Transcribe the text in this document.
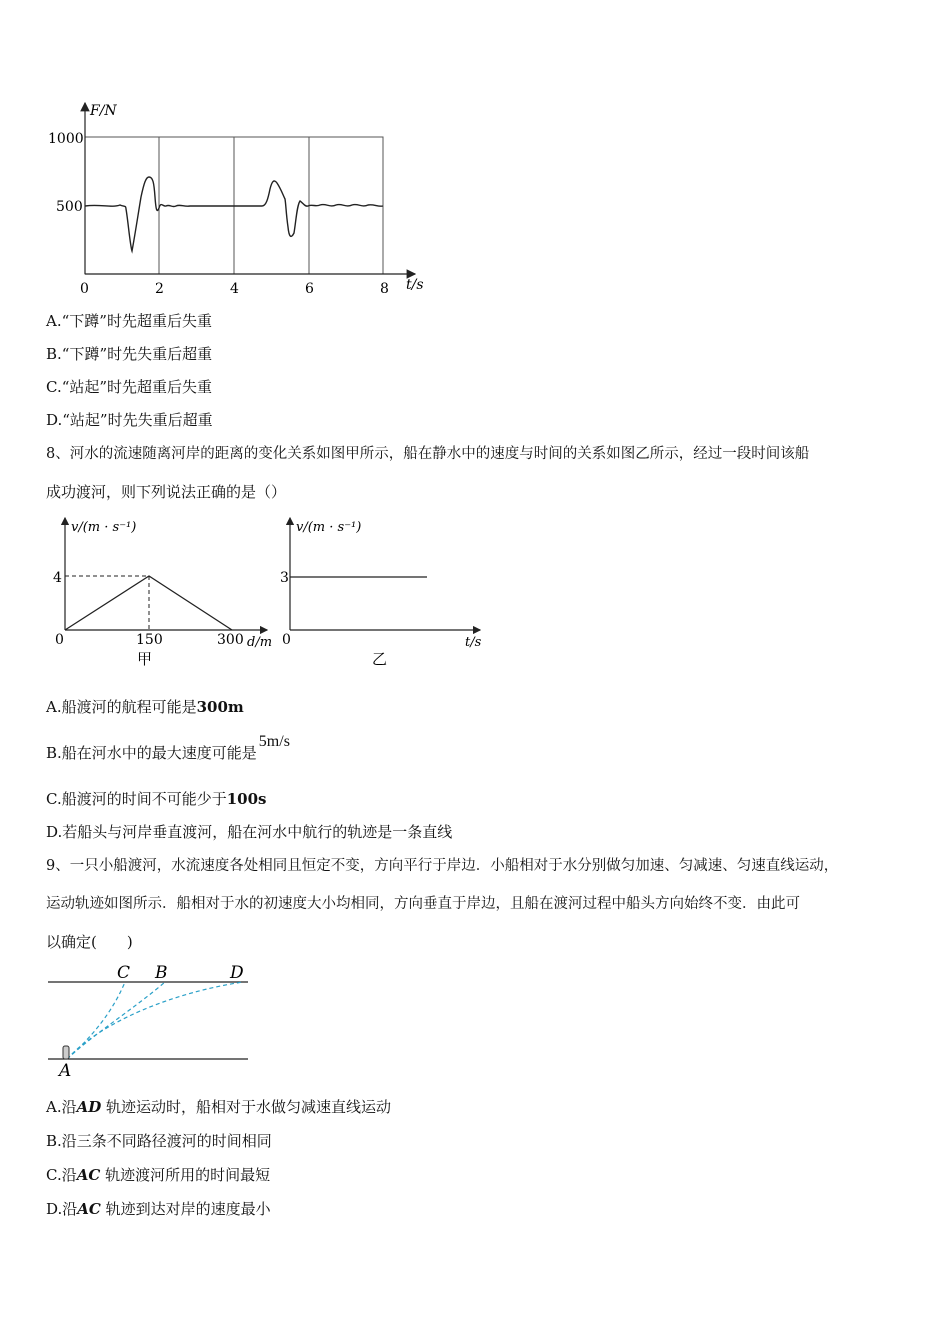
F/N
t/s
1000
500
0	2	4	6	8
A.“下蹲”时先超重后失重
B.“下蹲”时先失重后超重
C.“站起”时先超重后失重
D.“站起”时先失重后超重
8、河水的流速随离河岸的距离的变化关系如图甲所示，船在静水中的速度与时间的关系如图乙所示，经过一段时间该船
成功渡河，则下列说法正确的是（）
v/(m · s⁻¹)
4
0	150	300 d/m
甲
v/(m · s⁻¹)
3
0	t/s
乙
A.船渡河的航程可能是300m
B.船在河水中的最大速度可能是5m/s
C.船渡河的时间不可能少于100s
D.若船头与河岸垂直渡河，船在河水中航行的轨迹是一条直线
9、一只小船渡河，水流速度各处相同且恒定不变，方向平行于岸边．小船相对于水分别做匀加速、匀减速、匀速直线运动，
运动轨迹如图所示．船相对于水的初速度大小均相同，方向垂直于岸边，且船在渡河过程中船头方向始终不变．由此可
以确定(　　)
C B	D
A
A.沿AD 轨迹运动时，船相对于水做匀减速直线运动
B.沿三条不同路径渡河的时间相同
C.沿AC 轨迹渡河所用的时间最短
D.沿AC 轨迹到达对岸的速度最小
